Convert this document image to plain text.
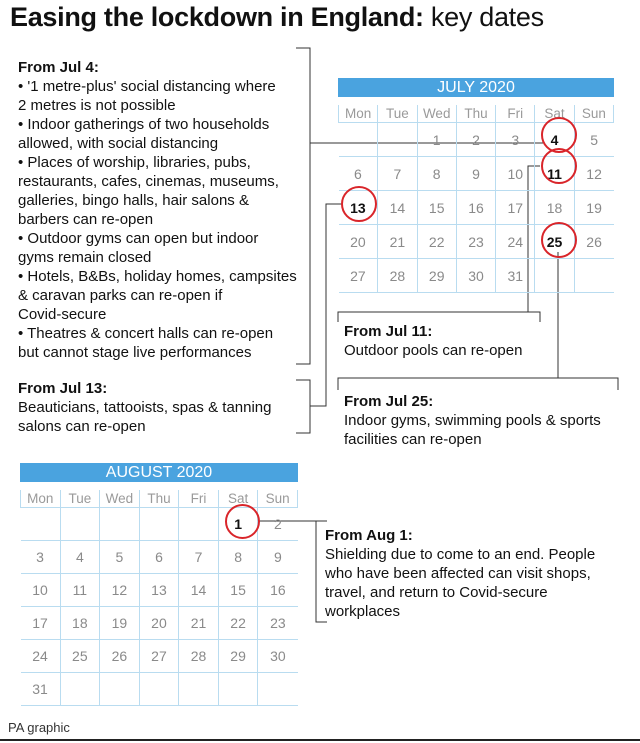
Easing the lockdown in England: key dates
From Jul 4:
• '1 metre-plus' social distancing where
2 metres is not possible
• Indoor gatherings of two households
allowed, with social distancing
• Places of worship, libraries, pubs,
restaurants, cafes, cinemas, museums,
galleries, bingo halls, hair salons &
barbers can re-open
• Outdoor gyms can open but indoor
gyms remain closed
• Hotels, B&Bs, holiday homes, campsites
& caravan parks can re-open if
Covid-secure
• Theatres & concert halls can re-open
but cannot stage live performances
From Jul 13:
Beauticians, tattooists, spas & tanning
salons can re-open
From Jul 11:
Outdoor pools can re-open
From Jul 25:
Indoor gyms, swimming pools & sports
facilities can re-open
From Aug 1:
Shielding due to come to an end. People
who have been affected can visit shops,
travel, and return to Covid-secure
workplaces
JULY 2020
Mon	Tue	Wed	Thu	Fri	Sat	Sun
		1	2	3	4	5
6	7	8	9	10	11	12
13	14	15	16	17	18	19
20	21	22	23	24	25	26
27	28	29	30	31		
AUGUST 2020
Mon	Tue	Wed	Thu	Fri	Sat	Sun
					1	2
3	4	5	6	7	8	9
10	11	12	13	14	15	16
17	18	19	20	21	22	23
24	25	26	27	28	29	30
31						
PA graphic
